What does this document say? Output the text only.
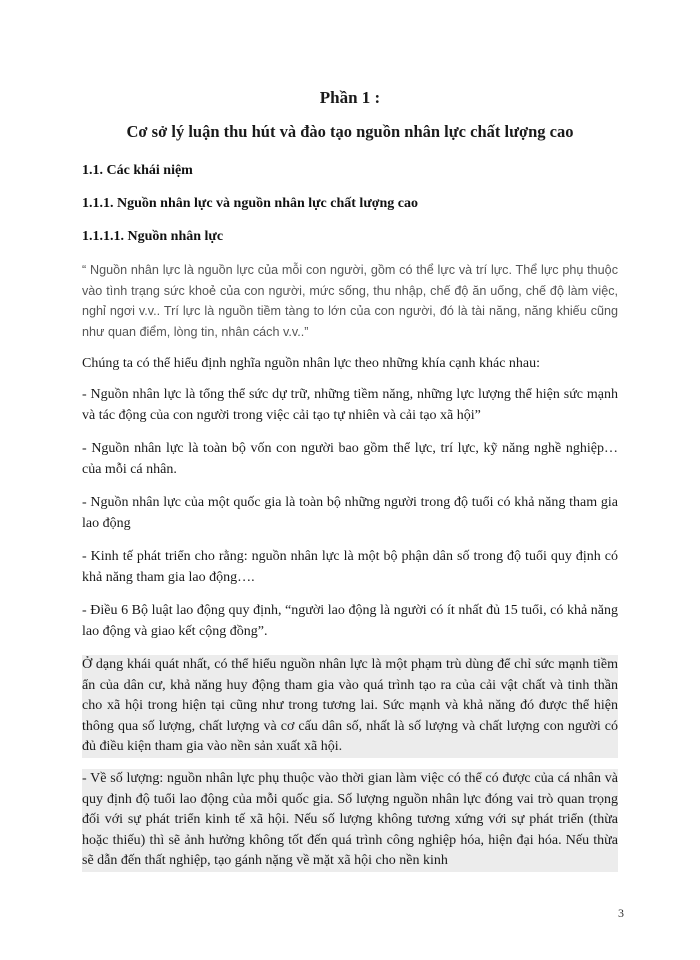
Phần 1 :
Cơ sở lý luận thu hút và đào tạo nguồn nhân lực chất lượng cao
1.1. Các khái niệm
1.1.1. Nguồn nhân lực và nguồn nhân lực chất lượng cao
1.1.1.1. Nguồn nhân lực
“ Nguồn nhân lực là nguồn lực của mỗi con người, gồm có thể lực và trí lực. Thể lực phụ thuộc vào tình trạng sức khoẻ của con người, mức sống, thu nhập, chế độ ăn uống, chế độ làm việc, nghỉ ngơi v.v.. Trí lực là nguồn tiềm tàng to lớn của con người, đó là tài năng, năng khiếu cũng như quan điểm, lòng tin, nhân cách v.v..”
Chúng ta có thể hiểu định nghĩa nguồn nhân lực theo những khía cạnh khác nhau:
- Nguồn nhân lực là tổng thể sức dự trữ, những tiềm năng, những lực lượng thể hiện sức mạnh và tác động của con người trong việc cải tạo tự nhiên và cải tạo xã hội”
- Nguồn nhân lực là toàn bộ vốn con người bao gồm thể lực, trí lực, kỹ năng nghề nghiệp… của mỗi cá nhân.
- Nguồn nhân lực của một quốc gia là toàn bộ những người trong độ tuổi có khả năng tham gia lao động
- Kinh tế phát triển cho rằng: nguồn nhân lực là một bộ phận dân số trong độ tuổi quy định có khả năng tham gia lao động….
- Điều 6 Bộ luật lao động quy định, “người lao động là người có ít nhất đủ 15 tuổi, có khả năng lao động và giao kết cộng đồng”.
Ở dạng khái quát nhất, có thể hiểu nguồn nhân lực là một phạm trù dùng để chỉ sức mạnh tiềm ẩn của dân cư, khả năng huy động tham gia vào quá trình tạo ra của cải vật chất và tinh thần cho xã hội trong hiện tại cũng như trong tương lai. Sức mạnh và khả năng đó được thể hiện thông qua số lượng, chất lượng và cơ cấu dân số, nhất là số lượng và chất lượng con người có đủ điều kiện tham gia vào nền sản xuất xã hội.
- Về số lượng: nguồn nhân lực phụ thuộc vào thời gian làm việc có thể có được của cá nhân và quy định độ tuổi lao động của mỗi quốc gia. Số lượng nguồn nhân lực đóng vai trò quan trọng đối với sự phát triển kinh tế xã hội. Nếu số lượng không tương xứng với sự phát triển (thừa hoặc thiếu) thì sẽ ảnh hưởng không tốt đến quá trình công nghiệp hóa, hiện đại hóa. Nếu thừa sẽ dẫn đến thất nghiệp, tạo gánh nặng về mặt xã hội cho nền kinh
3
